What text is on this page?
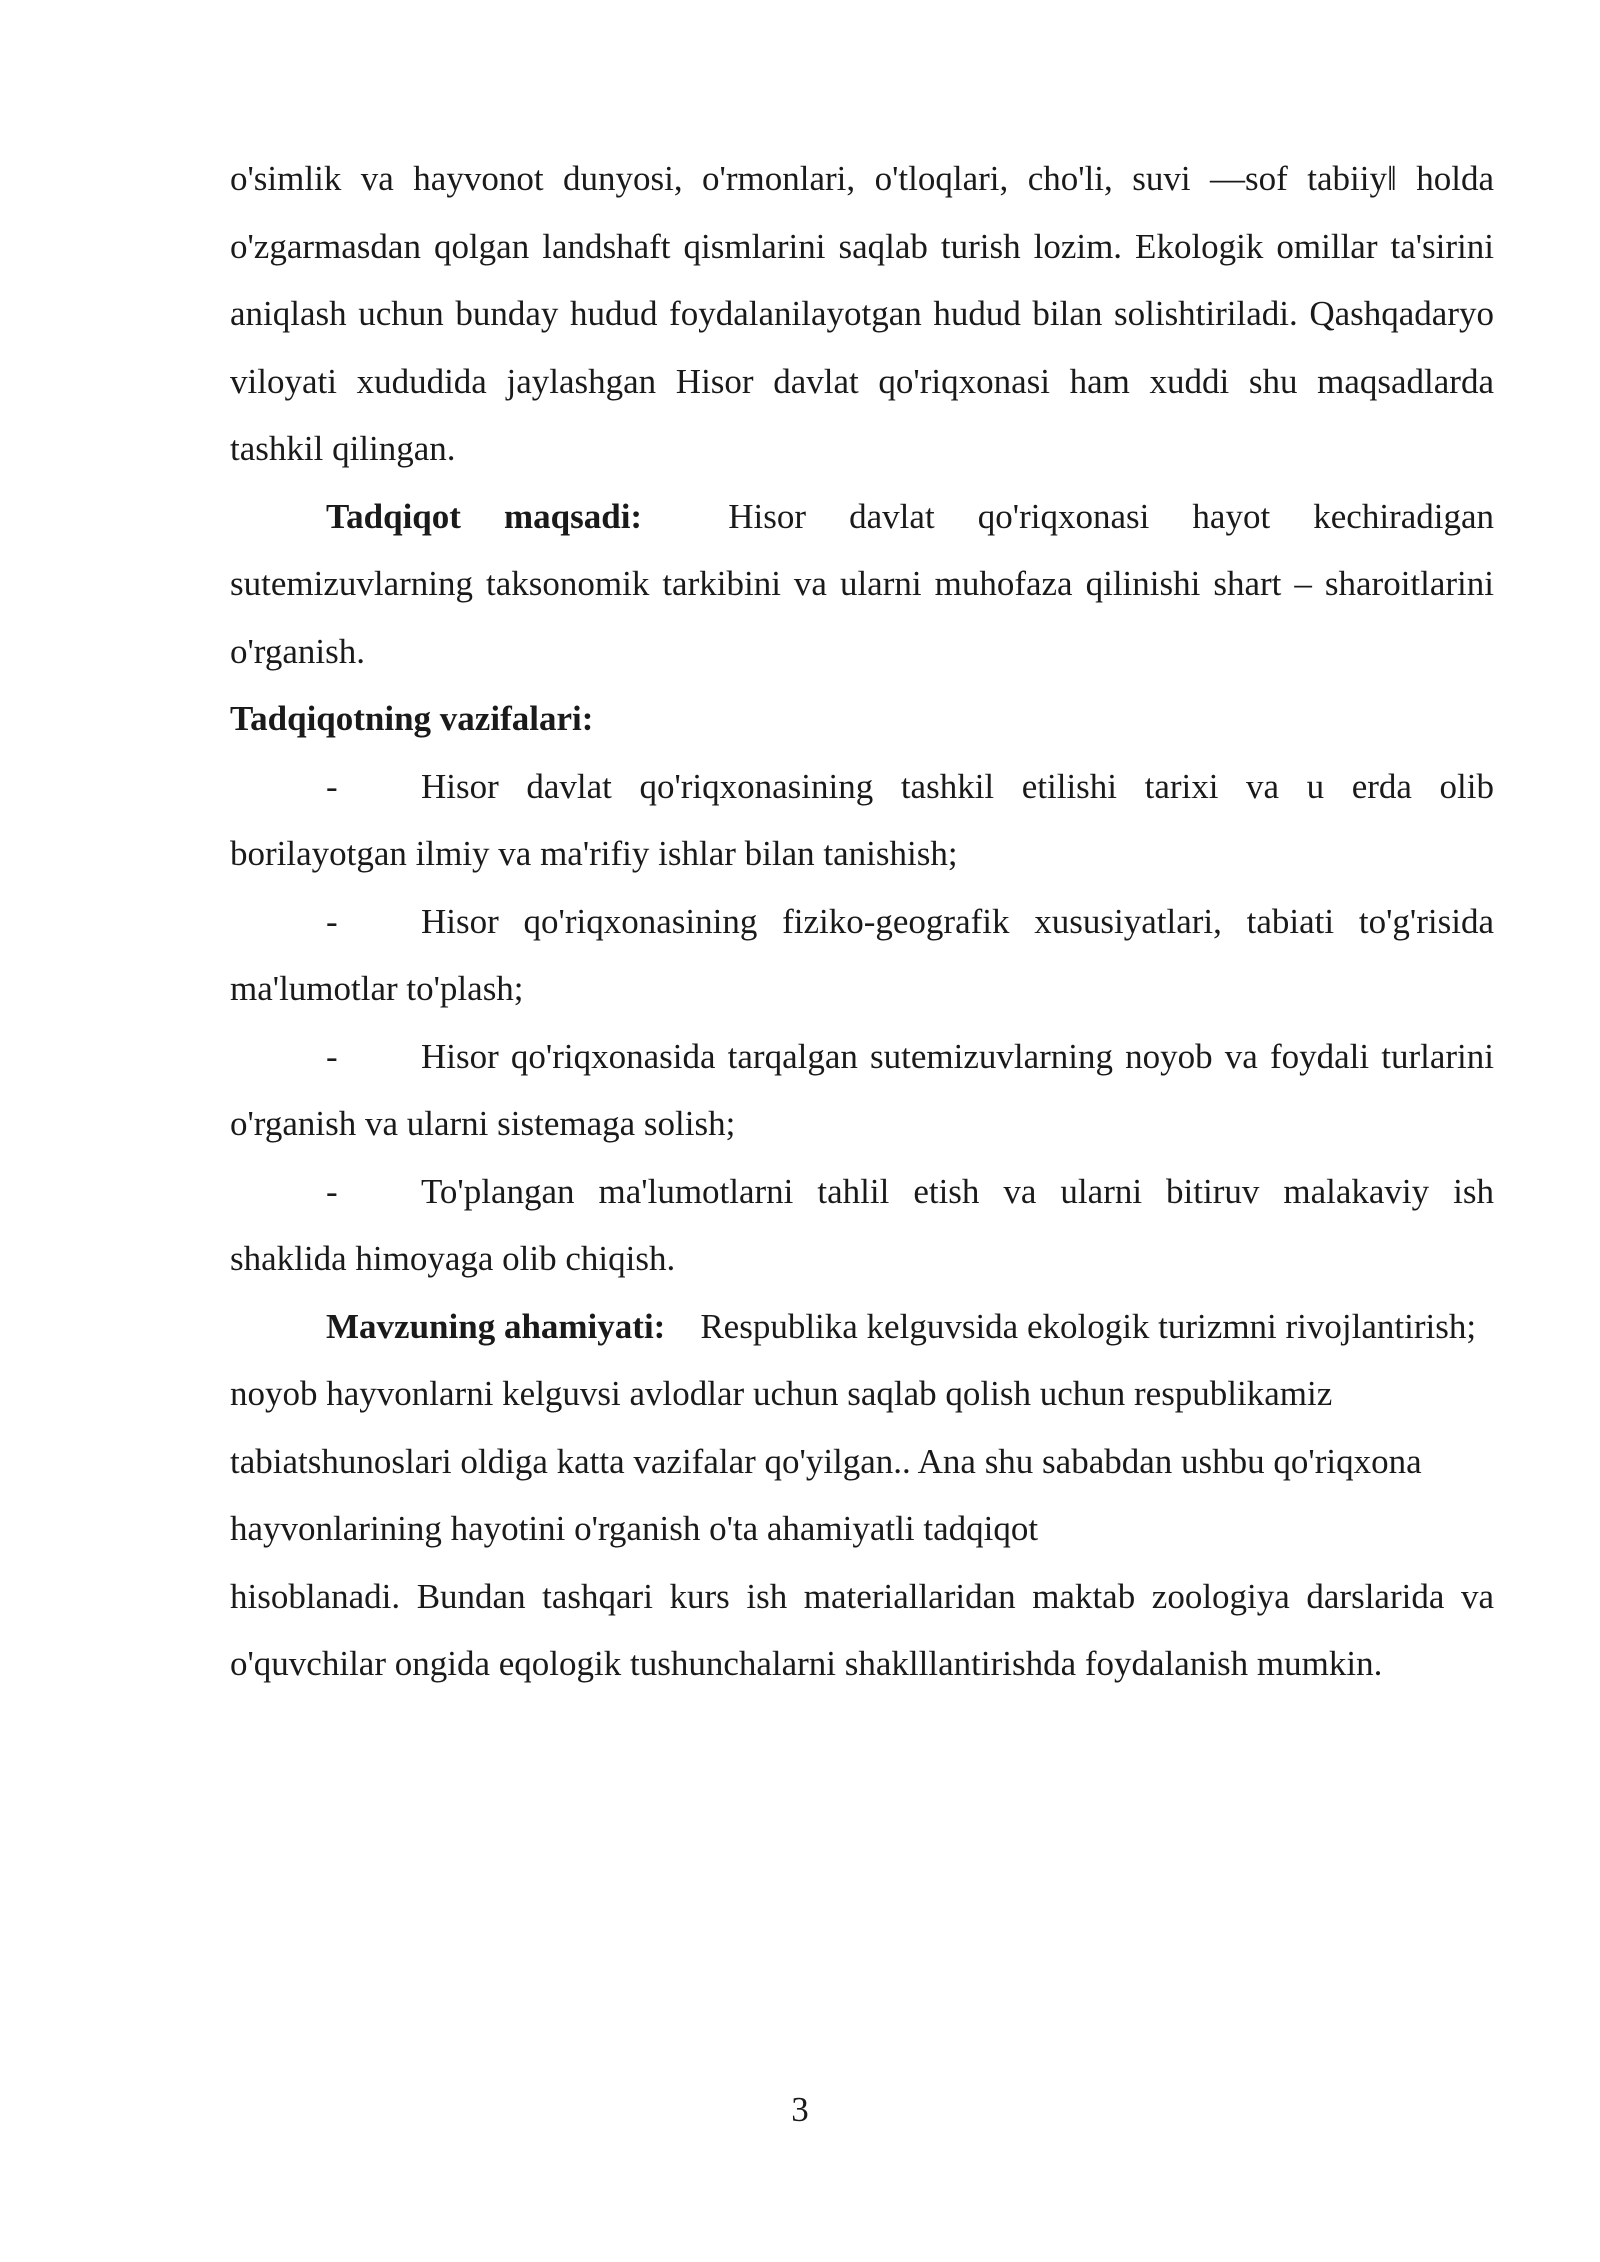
o'simlik va hayvonot dunyosi, o'rmonlari, o'tloqlari, cho'li, suvi ―sof tabiiy‖ holda o'zgarmasdan qolgan landshaft qismlarini saqlab turish lozim. Ekologik omillar ta'sirini aniqlash uchun bunday hudud foydalanilayotgan hudud bilan solishtiriladi. Qashqadaryo viloyati xududida jaylashgan Hisor davlat qo'riqxonasi ham xuddi shu maqsadlarda tashkil qilingan.

Tadqiqot maqsadi: Hisor davlat qo'riqxonasi hayot kechiradigan sutemizuvlarning taksonomik tarkibini va ularni muhofaza qilinishi shart – sharoitlarini o'rganish.

Tadqiqotning vazifalari:

- Hisor davlat qo'riqxonasining tashkil etilishi tarixi va u erda olib borilayotgan ilmiy va ma'rifiy ishlar bilan tanishish;

- Hisor qo'riqxonasining fiziko-geografik xususiyatlari, tabiati to'g'risida ma'lumotlar to'plash;

- Hisor qo'riqxonasida tarqalgan sutemizuvlarning noyob va foydali turlarini o'rganish va ularni sistemaga solish;

- To'plangan ma'lumotlarni tahlil etish va ularni bitiruv malakaviy ish shaklida himoyaga olib chiqish.

Mavzuning ahamiyati: Respublika kelguvsida ekologik turizmni rivojlantirish; noyob hayvonlarni kelguvsi avlodlar uchun saqlab qolish uchun respublikamiz tabiatshunoslari oldiga katta vazifalar qo'yilgan.. Ana shu sababdan ushbu qo'riqxona hayvonlarining hayotini o'rganish o'ta ahamiyatli tadqiqot

hisoblanadi. Bundan tashqari kurs ish materiallaridan maktab zoologiya darslarida va o'quvchilar ongida eqologik tushunchalarni shaklllantirishda foydalanish mumkin.

3
